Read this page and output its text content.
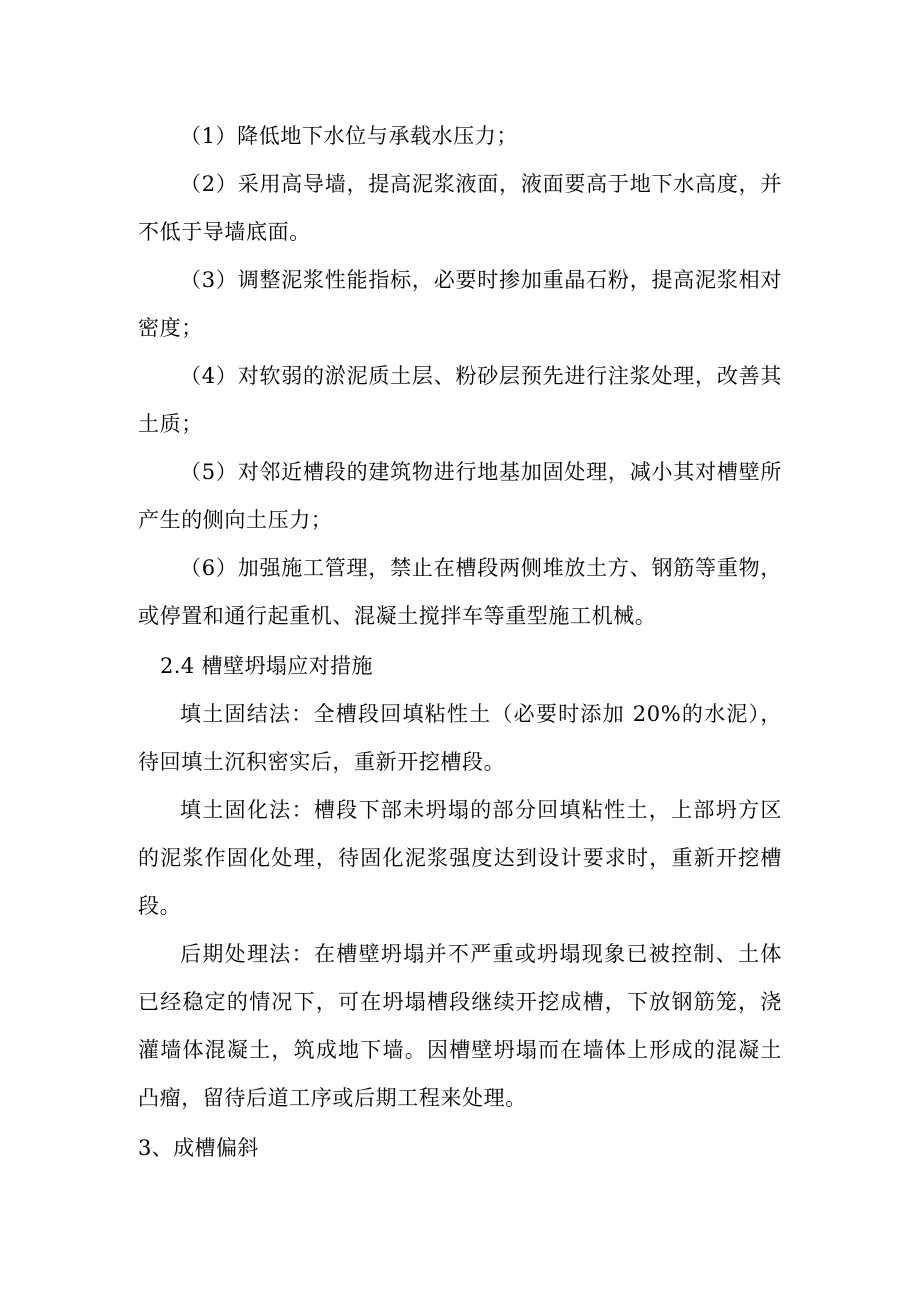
（1）降低地下水位与承载水压力；

（2）采用高导墙，提高泥浆液面，液面要高于地下水高度，并不低于导墙底面。

（3）调整泥浆性能指标，必要时掺加重晶石粉，提高泥浆相对密度；

（4）对软弱的淤泥质土层、粉砂层预先进行注浆处理，改善其土质；

（5）对邻近槽段的建筑物进行地基加固处理，减小其对槽壁所产生的侧向土压力；

（6）加强施工管理，禁止在槽段两侧堆放土方、钢筋等重物，或停置和通行起重机、混凝土搅拌车等重型施工机械。

2.4 槽壁坍塌应对措施

填土固结法：全槽段回填粘性土（必要时添加 20%的水泥），待回填土沉积密实后，重新开挖槽段。

填土固化法：槽段下部未坍塌的部分回填粘性土，上部坍方区的泥浆作固化处理，待固化泥浆强度达到设计要求时，重新开挖槽段。

后期处理法：在槽壁坍塌并不严重或坍塌现象已被控制、土体已经稳定的情况下，可在坍塌槽段继续开挖成槽，下放钢筋笼，浇灌墙体混凝土，筑成地下墙。因槽壁坍塌而在墙体上形成的混凝土凸瘤，留待后道工序或后期工程来处理。

3、成槽偏斜
